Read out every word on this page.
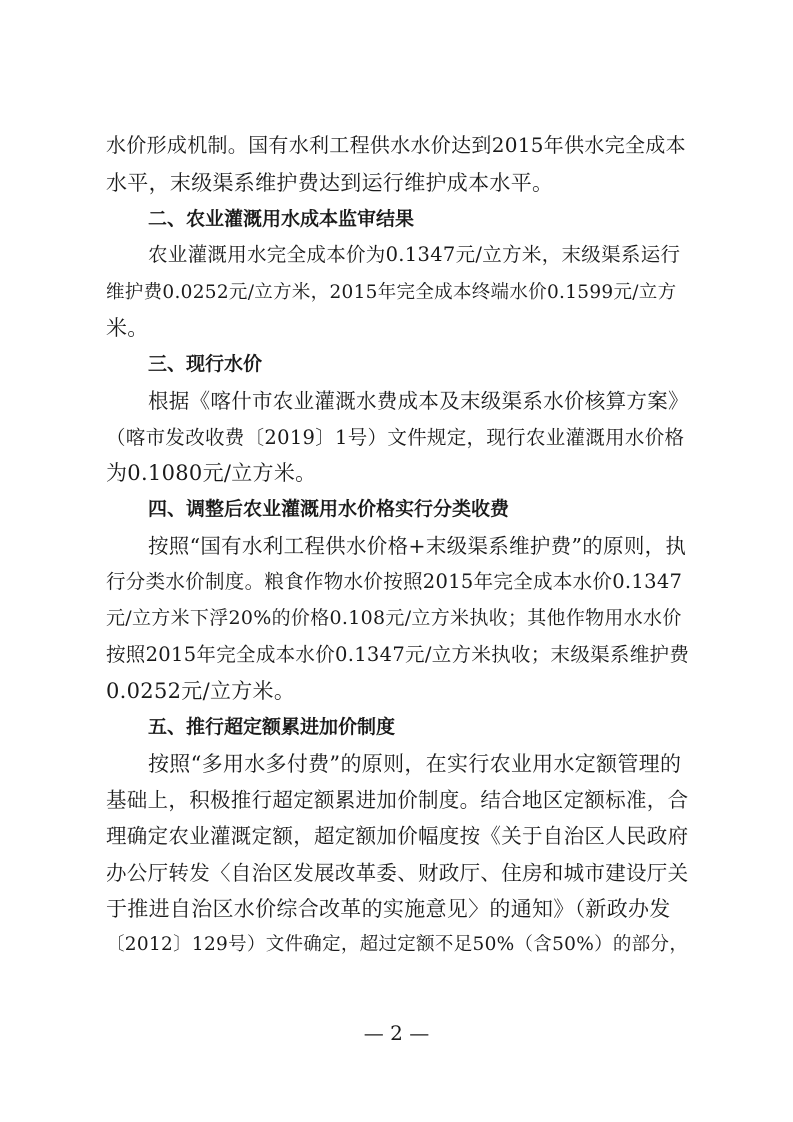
水价形成机制。国有水利工程供水水价达到2015年供水完全成本
水平，末级渠系维护费达到运行维护成本水平。
二、农业灌溉用水成本监审结果
农业灌溉用水完全成本价为0.1347元/立方米，末级渠系运行
维护费0.0252元/立方米，2015年完全成本终端水价0.1599元/立方
米。
三、现行水价
根据《喀什市农业灌溉水费成本及末级渠系水价核算方案》
（喀市发改收费〔2019〕1号）文件规定，现行农业灌溉用水价格
为0.1080元/立方米。
四、调整后农业灌溉用水价格实行分类收费
按照“国有水利工程供水价格+末级渠系维护费”的原则，执
行分类水价制度。粮食作物水价按照2015年完全成本水价0.1347
元/立方米下浮20%的价格0.108元/立方米执收；其他作物用水水价
按照2015年完全成本水价0.1347元/立方米执收；末级渠系维护费
0.0252元/立方米。
五、推行超定额累进加价制度
按照“多用水多付费”的原则，在实行农业用水定额管理的
基础上，积极推行超定额累进加价制度。结合地区定额标准，合
理确定农业灌溉定额，超定额加价幅度按《关于自治区人民政府
办公厅转发〈自治区发展改革委、财政厅、住房和城市建设厅关
于推进自治区水价综合改革的实施意见〉的通知》（新政办发
〔2012〕129号）文件确定，超过定额不足50%（含50%）的部分，
— 2 —
